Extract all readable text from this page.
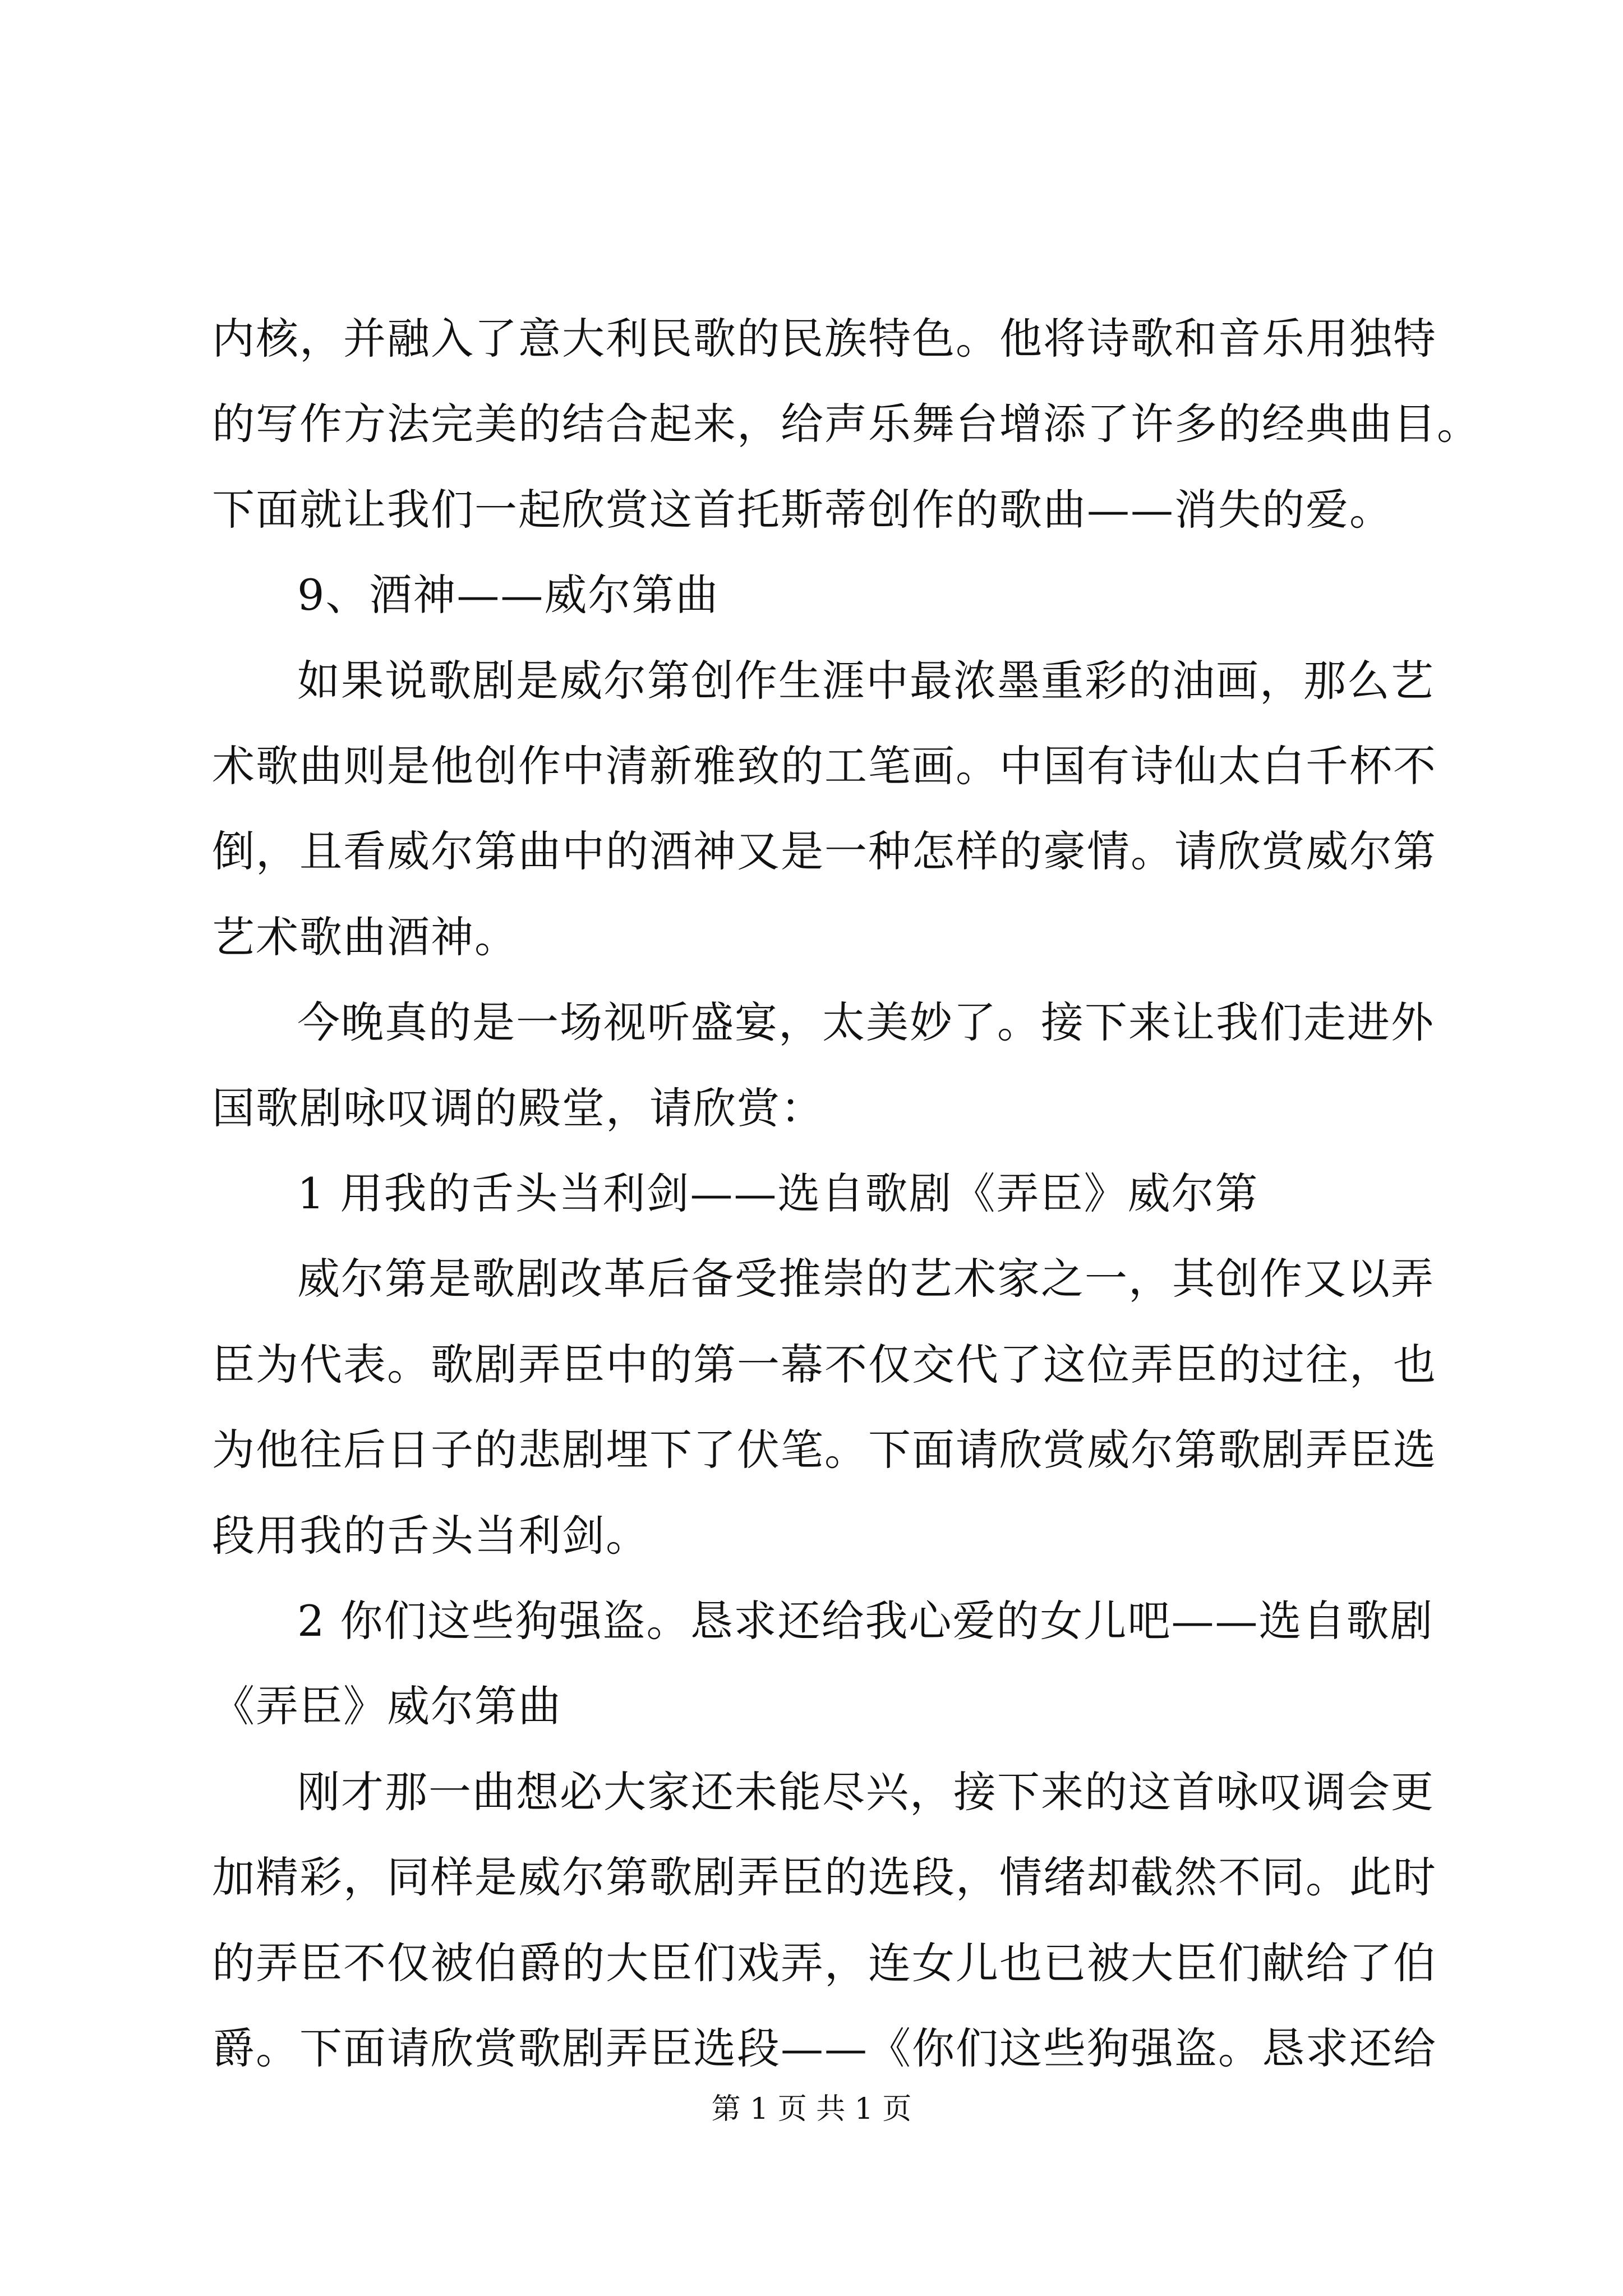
内核，并融入了意大利民歌的民族特色。他将诗歌和音乐用独特
的写作方法完美的结合起来，给声乐舞台增添了许多的经典曲目。
下面就让我们一起欣赏这首托斯蒂创作的歌曲——消失的爱。
9、酒神——威尔第曲
如果说歌剧是威尔第创作生涯中最浓墨重彩的油画，那么艺
术歌曲则是他创作中清新雅致的工笔画。中国有诗仙太白千杯不
倒，且看威尔第曲中的酒神又是一种怎样的豪情。请欣赏威尔第
艺术歌曲酒神。
今晚真的是一场视听盛宴，太美妙了。接下来让我们走进外
国歌剧咏叹调的殿堂，请欣赏：
1 用我的舌头当利剑——选自歌剧《弄臣》威尔第
威尔第是歌剧改革后备受推崇的艺术家之一，其创作又以弄
臣为代表。歌剧弄臣中的第一幕不仅交代了这位弄臣的过往，也
为他往后日子的悲剧埋下了伏笔。下面请欣赏威尔第歌剧弄臣选
段用我的舌头当利剑。
2 你们这些狗强盗。恳求还给我心爱的女儿吧——选自歌剧
《弄臣》威尔第曲
刚才那一曲想必大家还未能尽兴，接下来的这首咏叹调会更
加精彩，同样是威尔第歌剧弄臣的选段，情绪却截然不同。此时
的弄臣不仅被伯爵的大臣们戏弄，连女儿也已被大臣们献给了伯
爵。下面请欣赏歌剧弄臣选段——《你们这些狗强盗。恳求还给
第 1 页 共 1 页
